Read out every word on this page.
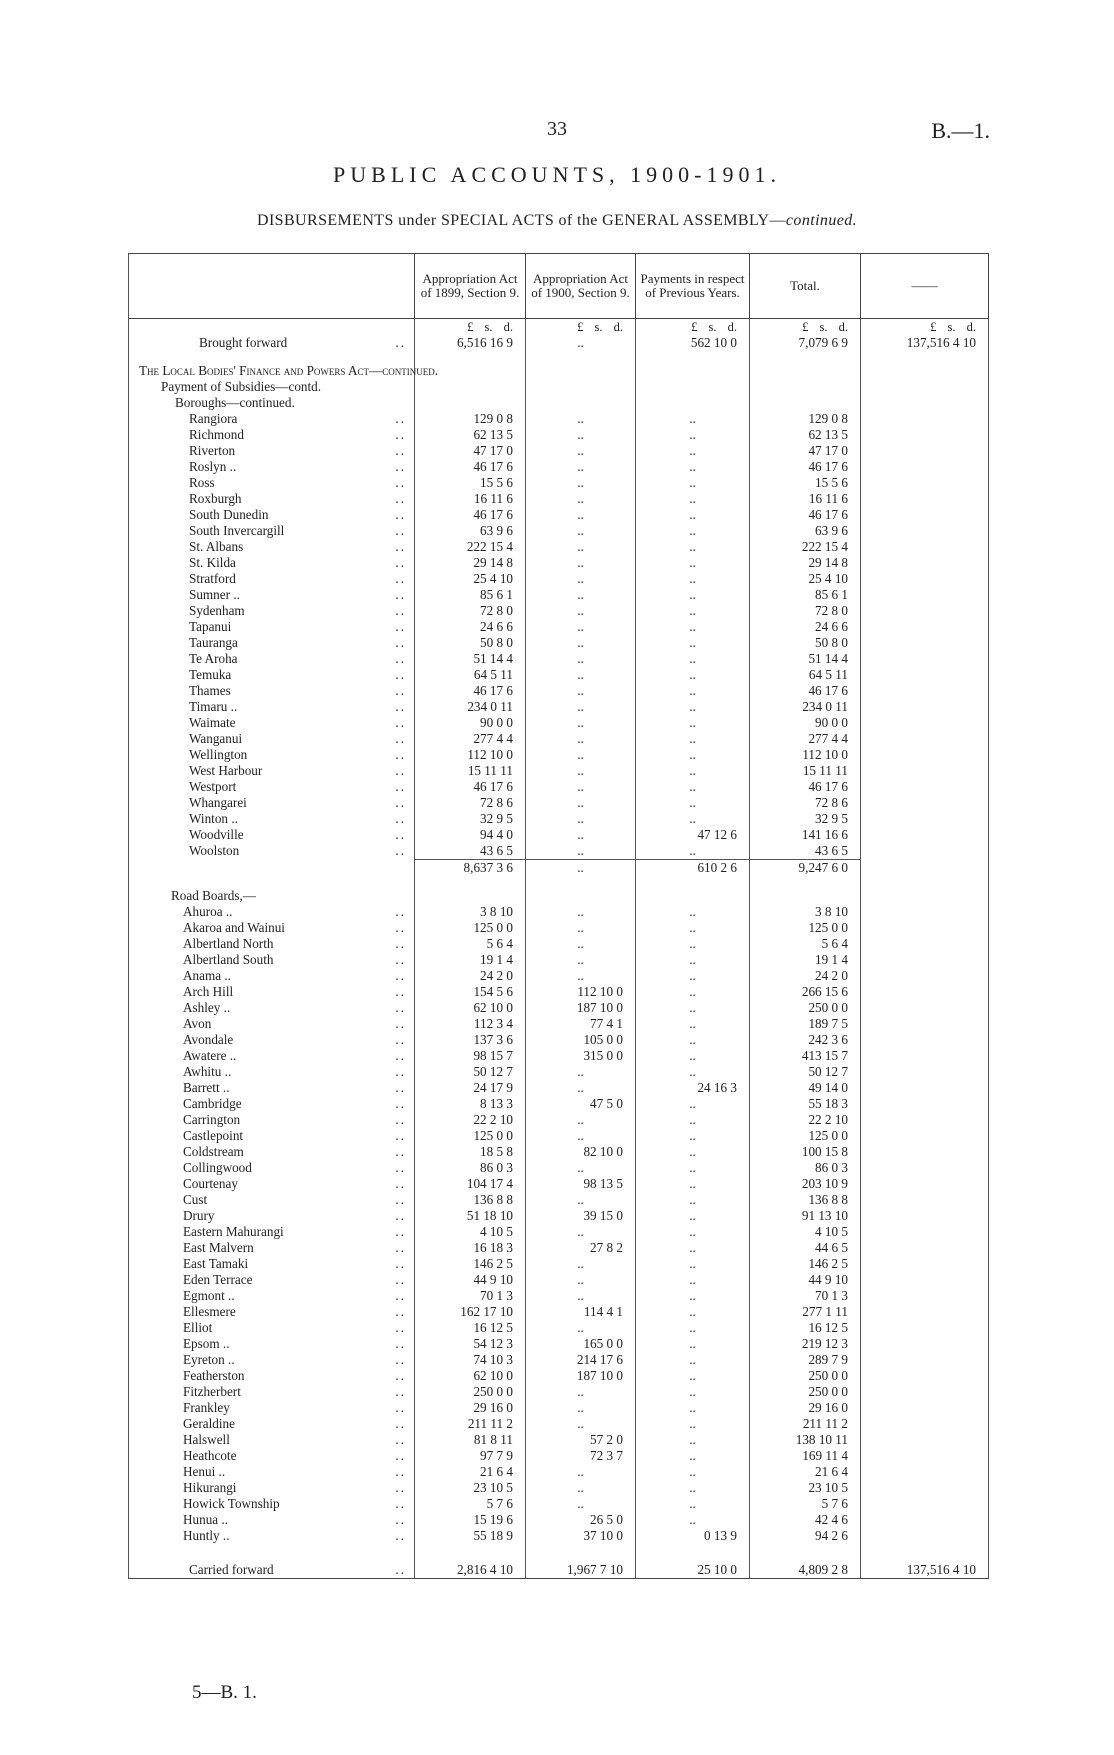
33	B.—1.
PUBLIC ACCOUNTS, 1900-1901.
DISBURSEMENTS under SPECIAL ACTS of the GENERAL ASSEMBLY—continued.
	Appropriation Act of 1899, Section 9.	Appropriation Act of 1900, Section 9.	Payments in respect of Previous Years.	Total.	——
	£ s. d.	£ s. d.	£ s. d.	£ s. d.	£ s. d.
Brought forward ..	6,516 16 9	..	562 10 0	7,079 6 9	137,516 4 10

The Local Bodies' Finance and Powers Act—continued.					
Payment of Subsidies—contd.					
Boroughs—continued.					
Rangiora ..	129 0 8	..	..	129 0 8	
Richmond ..	62 13 5	..	..	62 13 5	
Riverton ..	47 17 0	..	..	47 17 0	
Roslyn .. ..	46 17 6	..	..	46 17 6	
Ross ..	15 5 6	..	..	15 5 6	
Roxburgh ..	16 11 6	..	..	16 11 6	
South Dunedin ..	46 17 6	..	..	46 17 6	
South Invercargill ..	63 9 6	..	..	63 9 6	
St. Albans ..	222 15 4	..	..	222 15 4	
St. Kilda ..	29 14 8	..	..	29 14 8	
Stratford ..	25 4 10	..	..	25 4 10	
Sumner .. ..	85 6 1	..	..	85 6 1	
Sydenham ..	72 8 0	..	..	72 8 0	
Tapanui ..	24 6 6	..	..	24 6 6	
Tauranga ..	50 8 0	..	..	50 8 0	
Te Aroha ..	51 14 4	..	..	51 14 4	
Temuka ..	64 5 11	..	..	64 5 11	
Thames ..	46 17 6	..	..	46 17 6	
Timaru .. ..	234 0 11	..	..	234 0 11	
Waimate ..	90 0 0	..	..	90 0 0	
Wanganui ..	277 4 4	..	..	277 4 4	
Wellington ..	112 10 0	..	..	112 10 0	
West Harbour ..	15 11 11	..	..	15 11 11	
Westport ..	46 17 6	..	..	46 17 6	
Whangarei ..	72 8 6	..	..	72 8 6	
Winton .. ..	32 9 5	..	..	32 9 5	
Woodville ..	94 4 0	..	47 12 6	141 16 6	
Woolston ..	43 6 5	..	..	43 6 5	
	8,637 3 6	..	610 2 6	9,247 6 0	

Road Boards,—					
Ahuroa .. ..	3 8 10	..	..	3 8 10	
Akaroa and Wainui ..	125 0 0	..	..	125 0 0	
Albertland North ..	5 6 4	..	..	5 6 4	
Albertland South ..	19 1 4	..	..	19 1 4	
Anama .. ..	24 2 0	..	..	24 2 0	
Arch Hill ..	154 5 6	112 10 0	..	266 15 6	
Ashley .. ..	62 10 0	187 10 0	..	250 0 0	
Avon ..	112 3 4	77 4 1	..	189 7 5	
Avondale ..	137 3 6	105 0 0	..	242 3 6	
Awatere .. ..	98 15 7	315 0 0	..	413 15 7	
Awhitu .. ..	50 12 7	..	..	50 12 7	
Barrett .. ..	24 17 9	..	24 16 3	49 14 0	
Cambridge ..	8 13 3	47 5 0	..	55 18 3	
Carrington ..	22 2 10	..	..	22 2 10	
Castlepoint ..	125 0 0	..	..	125 0 0	
Coldstream ..	18 5 8	82 10 0	..	100 15 8	
Collingwood ..	86 0 3	..	..	86 0 3	
Courtenay ..	104 17 4	98 13 5	..	203 10 9	
Cust ..	136 8 8	..	..	136 8 8	
Drury ..	51 18 10	39 15 0	..	91 13 10	
Eastern Mahurangi ..	4 10 5	..	..	4 10 5	
East Malvern ..	16 18 3	27 8 2	..	44 6 5	
East Tamaki ..	146 2 5	..	..	146 2 5	
Eden Terrace ..	44 9 10	..	..	44 9 10	
Egmont .. ..	70 1 3	..	..	70 1 3	
Ellesmere ..	162 17 10	114 4 1	..	277 1 11	
Elliot ..	16 12 5	..	..	16 12 5	
Epsom .. ..	54 12 3	165 0 0	..	219 12 3	
Eyreton .. ..	74 10 3	214 17 6	..	289 7 9	
Featherston ..	62 10 0	187 10 0	..	250 0 0	
Fitzherbert ..	250 0 0	..	..	250 0 0	
Frankley ..	29 16 0	..	..	29 16 0	
Geraldine ..	211 11 2	..	..	211 11 2	
Halswell ..	81 8 11	57 2 0	..	138 10 11	
Heathcote ..	97 7 9	72 3 7	..	169 11 4	
Henui .. ..	21 6 4	..	..	21 6 4	
Hikurangi ..	23 10 5	..	..	23 10 5	
Howick Township ..	5 7 6	..	..	5 7 6	
Hunua .. ..	15 19 6	26 5 0	..	42 4 6	
Huntly .. ..	55 18 9	37 10 0	0 13 9	94 2 6	

Carried forward ..	2,816 4 10	1,967 7 10	25 10 0	4,809 2 8	137,516 4 10
5—B. 1.
